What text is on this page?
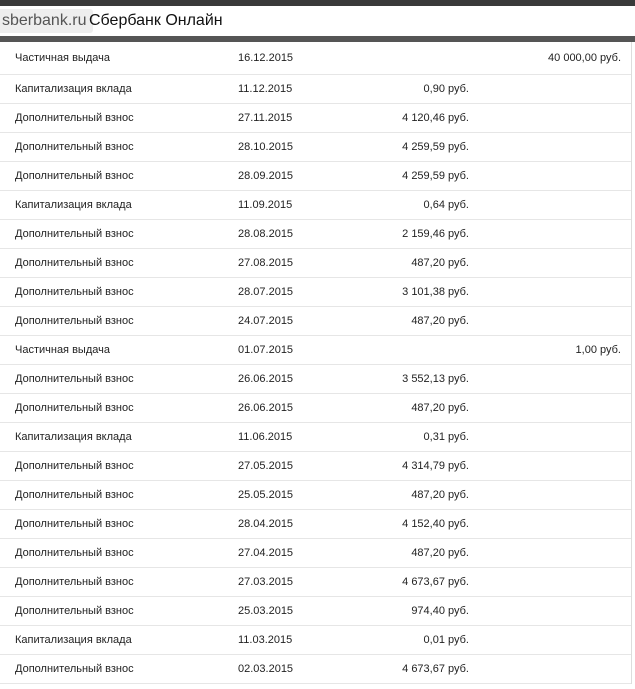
sberbank.ru Сбербанк Онлайн
Частичная выдача	16.12.2015	40 000,00 руб.
Капитализация вклада	11.12.2015	0,90 руб.
Дополнительный взнос	27.11.2015	4 120,46 руб.
Дополнительный взнос	28.10.2015	4 259,59 руб.
Дополнительный взнос	28.09.2015	4 259,59 руб.
Капитализация вклада	11.09.2015	0,64 руб.
Дополнительный взнос	28.08.2015	2 159,46 руб.
Дополнительный взнос	27.08.2015	487,20 руб.
Дополнительный взнос	28.07.2015	3 101,38 руб.
Дополнительный взнос	24.07.2015	487,20 руб.
Частичная выдача	01.07.2015	1,00 руб.
Дополнительный взнос	26.06.2015	3 552,13 руб.
Дополнительный взнос	26.06.2015	487,20 руб.
Капитализация вклада	11.06.2015	0,31 руб.
Дополнительный взнос	27.05.2015	4 314,79 руб.
Дополнительный взнос	25.05.2015	487,20 руб.
Дополнительный взнос	28.04.2015	4 152,40 руб.
Дополнительный взнос	27.04.2015	487,20 руб.
Дополнительный взнос	27.03.2015	4 673,67 руб.
Дополнительный взнос	25.03.2015	974,40 руб.
Капитализация вклада	11.03.2015	0,01 руб.
Дополнительный взнос	02.03.2015	4 673,67 руб.
